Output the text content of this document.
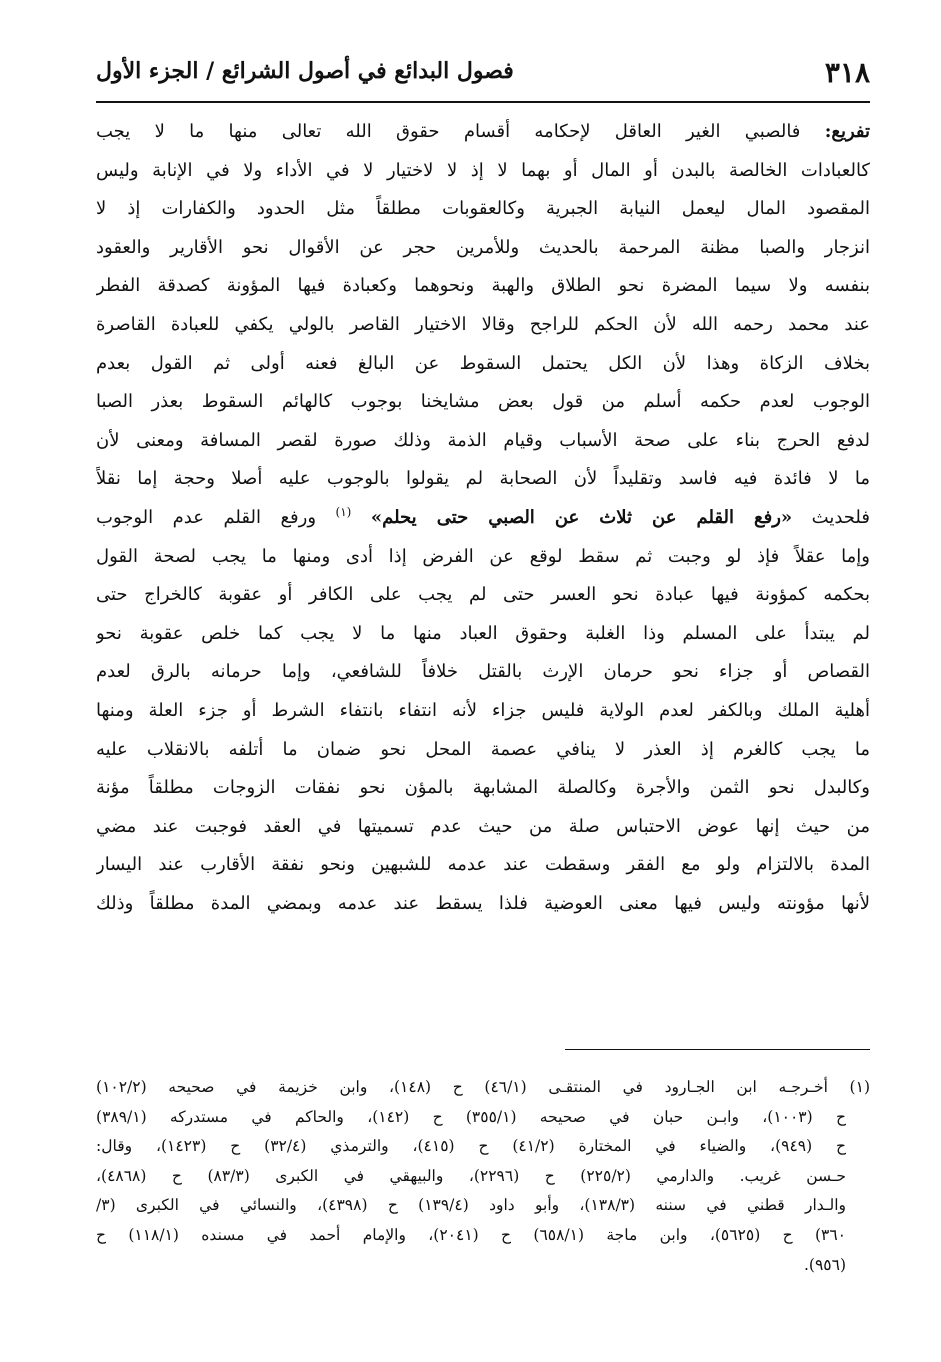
٣١٨
فصول البدائع في أصول الشرائع / الجزء الأول
تفريع: فالصبي الغير العاقل لإحكامه أقسام حقوق الله تعالى منها ما لا يجب
كالعبادات الخالصة بالبدن أو المال أو بهما لا إذ لا لاختيار لا في الأداء ولا في الإنابة وليس
المقصود المال ليعمل النيابة الجبرية وكالعقوبات مطلقاً مثل الحدود والكفارات إذ لا
انزجار والصبا مظنة المرحمة بالحديث وللأمرين حجر عن الأقوال نحو الأقارير والعقود
بنفسه ولا سيما المضرة نحو الطلاق والهبة ونحوهما وكعبادة فيها المؤونة كصدقة الفطر
عند محمد رحمه الله لأن الحكم للراجح وقالا الاختيار القاصر بالولي يكفي للعبادة القاصرة
بخلاف الزكاة وهذا لأن الكل يحتمل السقوط عن البالغ فعنه أولى ثم القول بعدم
الوجوب لعدم حكمه أسلم من قول بعض مشايخنا بوجوب كالهائم السقوط بعذر الصبا
لدفع الحرج بناء على صحة الأسباب وقيام الذمة وذلك صورة لقصر المسافة ومعنى لأن
ما لا فائدة فيه فاسد وتقليداً لأن الصحابة لم يقولوا بالوجوب عليه أصلا وحجة إما نقلاً
فلحديث «رفع القلم عن ثلاث عن الصبي حتى يحلم» $^{(١)}$ ورفع القلم عدم الوجوب
وإما عقلاً فإذ لو وجبت ثم سقط لوقع عن الفرض إذا أدى ومنها ما يجب لصحة القول
بحكمه كمؤونة فيها عبادة نحو العسر حتى لم يجب على الكافر أو عقوبة كالخراج حتى
لم يبتدأ على المسلم وذا الغلبة وحقوق العباد منها ما لا يجب كما خلص عقوبة نحو
القصاص أو جزاء نحو حرمان الإرث بالقتل خلافاً للشافعي، وإما حرمانه بالرق لعدم
أهلية الملك وبالكفر لعدم الولاية فليس جزاء لأنه انتفاء بانتفاء الشرط أو جزء العلة ومنها
ما يجب كالغرم إذ العذر لا ينافي عصمة المحل نحو ضمان ما أتلفه بالانقلاب عليه
وكالبدل نحو الثمن والأجرة وكالصلة المشابهة بالمؤن نحو نفقات الزوجات مطلقاً مؤنة
من حيث إنها عوض الاحتباس صلة من حيث عدم تسميتها في العقد فوجبت عند مضي
المدة بالالتزام ولو مع الفقر وسقطت عند عدمه للشبهين ونحو نفقة الأقارب عند اليسار
لأنها مؤونته وليس فيها معنى العوضية فلذا يسقط عند عدمه وبمضي المدة مطلقاً وذلك
(١) أخـرجـه ابن الجـارود في المنتقـى (٤٦/١) ح (١٤٨)، وابن خزيمة في صحيحه (١٠٢/٢)
ح (١٠٠٣)، وابـن حبان في صحيحه (٣٥٥/١) ح (١٤٢)، والحاكم في مستدركه (٣٨٩/١)
ح (٩٤٩)، والضياء في المختارة (٤١/٢) ح (٤١٥)، والترمذي (٣٢/٤) ح (١٤٢٣)، وقال:
حـسن غريب. والدارمي (٢٢٥/٢) ح (٢٢٩٦)، والبيهقي في الكبرى (٨٣/٣) ح (٤٨٦٨)،
والـدار قطني في سننه (١٣٨/٣)، وأبو داود (١٣٩/٤) ح (٤٣٩٨)، والنسائي في الكبرى (٣/
٣٦٠) ح (٥٦٢٥)، وابن ماجة (٦٥٨/١) ح (٢٠٤١)، والإمام أحمد في مسنده (١١٨/١) ح
(٩٥٦).
